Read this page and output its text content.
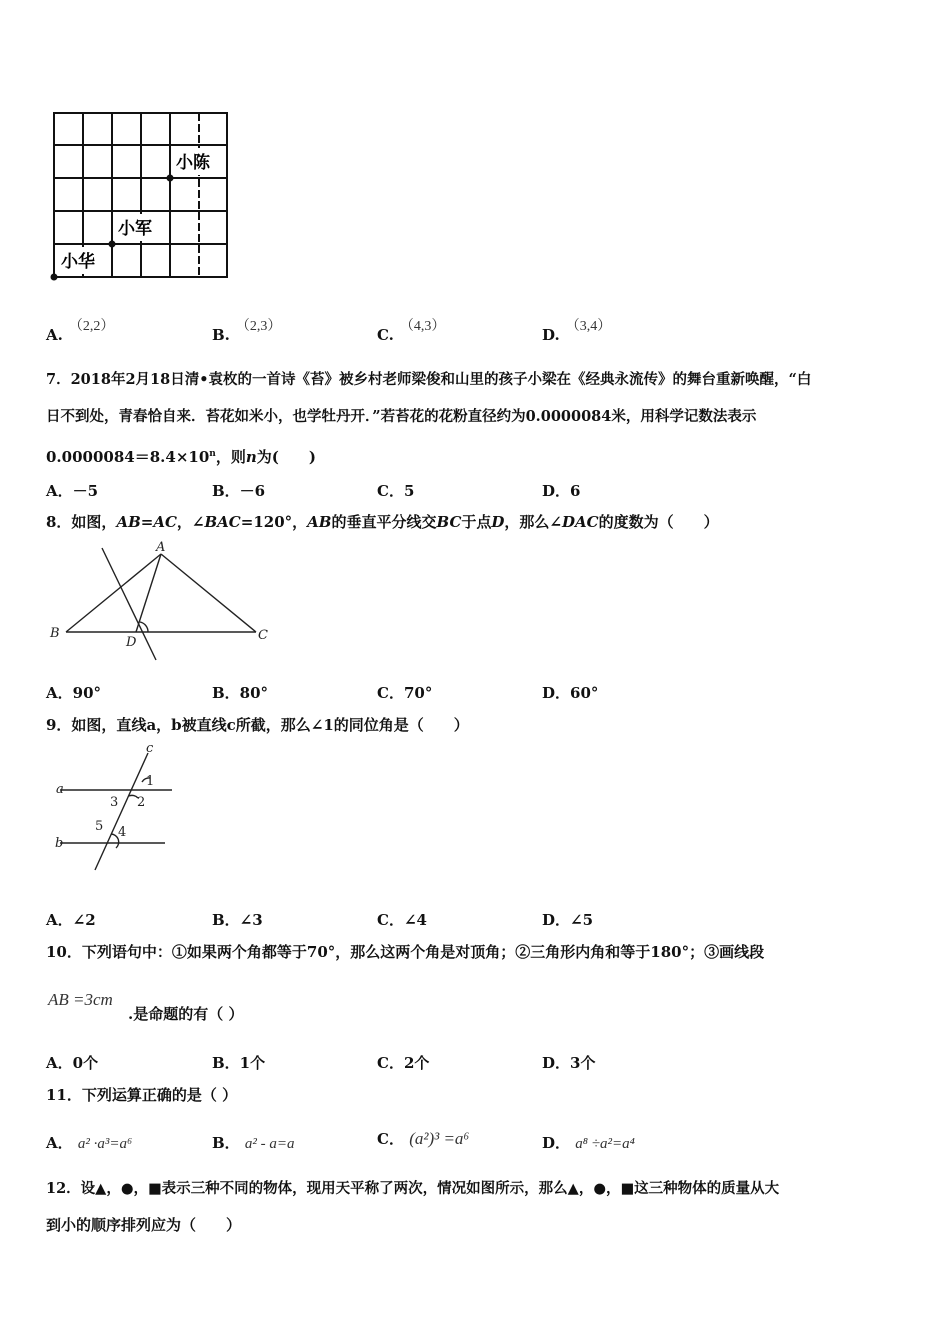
小陈
小军
小华
A. （2,2）	B. （2,3）	C. （4,3）	D. （3,4）
7．2018年2月18日清•袁枚的一首诗《苔》被乡村老师梁俊和山里的孩子小梁在《经典永流传》的舞台重新唤醒，“白
日不到处，青春恰自来．苔花如米小，也学牡丹开．”若苔花的花粉直径约为0.0000084米，用科学记数法表示
$0.0000084=8.4\times 10^n$，则n为(　　)
A．－5	B．－6	C．5	D．6
8．如图，AB=AC，∠BAC=120°，AB的垂直平分线交BC于点D，那么∠DAC的度数为（　　）
A
B	C
D
A．90°	B．80°	C．70°	D．60°
9．如图，直线a，b被直线c所截，那么∠1的同位角是（　　）
c
a
b
1
2
3
4
5
A．∠2	B．∠3	C．∠4	D．∠5
10．下列语句中：①如果两个角都等于70°，那么这两个角是对顶角；②三角形内角和等于180°；③画线段
AB =3cm
.是命题的有（ ）
A．0个	B．1个	C．2个	D．3个
11．下列运算正确的是（ ）
A． a² ·a³=a⁶	B． a² - a=a	C． (a²)³ =a⁶	D． a⁸ ÷a²=a⁴
12．设▲，●，■表示三种不同的物体，现用天平称了两次，情况如图所示，那么▲，●，■这三种物体的质量从大
到小的顺序排列应为（　　）
